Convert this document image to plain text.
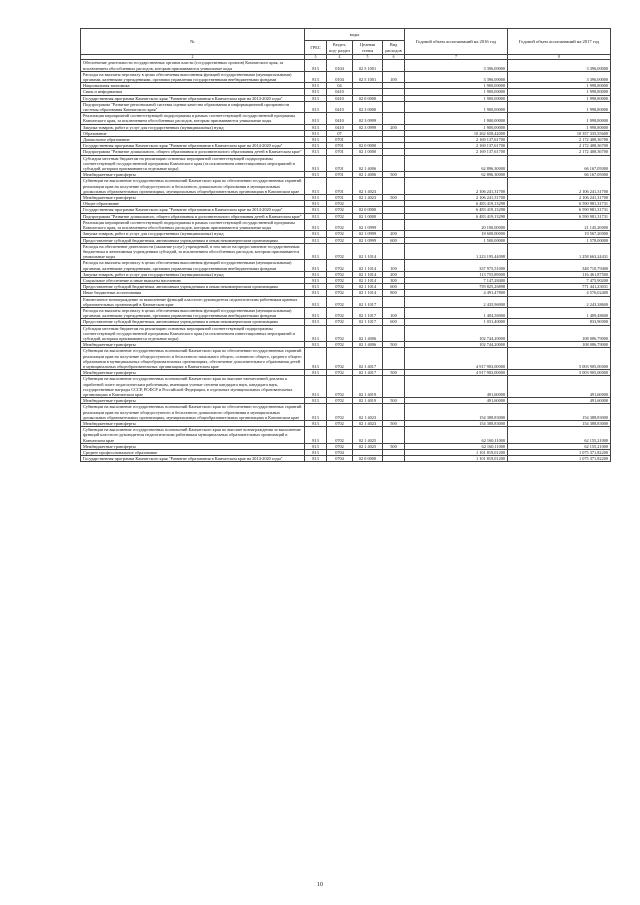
№	коды				Годовой объем ассигнований на 2016 год	Годовой объем ассигнований на 2017 год
	ГРБС	Раздел, под- раздел	Целевая статья	Вид расходов		
2	3	4	5	6	7	8
Обеспечение деятельности государственных органов власти (государственных органов) Камчатского края, за исключением обособленных расходов, которым присваиваются уникальные коды	813	0104	02 5 1001		3 396,00000	3 396,00000
Расходы на выплаты персоналу в целях обеспечения выполнения функций государственными (муниципальными) органами, казенными учреждениями, органами управления государственными внебюджетными фондами	813	0104	02 5 1001	100	3 396,00000	3 396,00000
Национальная экономика	813	04			1 900,00000	1 998,80000
Связь и информатика	813	0410			1 900,00000	1 998,80000
Государственная программа Камчатского края "Развитие образования в Камчатском крае на 2014-2020 годы"	813	0410	02 0 0000		1 900,00000	1 998,80000
Подпрограмма "Развитие региональной системы оценки качества образования и информационной прозрачности системы образования Камчатского края"	813	0410	02 3 0000		1 900,00000	1 998,80000
Реализация мероприятий соответствующей подпрограммы в рамках соответствующей государственной программы Камчатского края, за исключением обособленных расходов, которым присваиваются уникальные коды	813	0410	02 3 0999		1 900,00000	1 998,80000
Закупка товаров, работ и услуг для государственных (муниципальных) нужд	813	0410	02 3 0999	200	1 900,00000	1 998,80000
Образование	813	07			10 262 658,42000	10 357 335,55600
Дошкольное образование	813	0701			2 169 137,61700	2 172 408,36700
Государственная программа Камчатского края "Развитие образования в Камчатском крае на 2014-2020 годы"	813	0701	02 0 0000		2 169 137,61700	2 172 408,36700
Подпрограмма "Развитие дошкольного, общего образования и дополнительного образования детей в Камчатском крае"	813	0701	02 1 0000		2 169 137,61700	2 172 408,36700
Субсидии местным бюджетам на реализацию основных мероприятий соответствующей подпрограммы соответствующей государственной программы Камчатского края (за исключением инвестиционных мероприятий и субсидий, которым присваиваются отдельные коды)	813	0701	02 1 4006		62 896,30000	66 167,05000
Межбюджетные трансферты	813	0701	02 1 4006	500	62 896,30000	66 167,05000
Субвенции на выполнение государственных полномочий Камчатского края по обеспечению государственных гарантий реализации прав на получение общедоступного и бесплатного дошкольного образования в муниципальных дошкольных образовательных организациях, муниципальных общеобразовательных организациях в Камчатском крае	813	0701	02 1 4023		2 106 241,31700	2 106 241,31700
Межбюджетные трансферты	813	0701	02 1 4023	500	2 106 241,31700	2 106 241,31700
Общее образование	813	0702			6 483 419,13298	6 590 981,31731
Государственная программа Камчатского края "Развитие образования в Камчатском крае на 2014-2020 годы"	813	0702	02 0 0000		6 483 419,13298	6 590 981,31731
Подпрограмма "Развитие дошкольного, общего образования и дополнительного образования детей в Камчатском крае"	813	0702	02 1 0000		6 483 419,13298	6 590 981,31731
Реализация мероприятий соответствующей подпрограммы в рамках соответствующей государственной программы Камчатского края, за исключением обособленных расходов, которым присваиваются уникальные коды	813	0702	02 1 0999		20 100,00000	21 145,20000
Закупка товаров, работ и услуг для государственных (муниципальных) нужд	813	0702	02 1 0999	200	18 600,00000	19 567,20000
Предоставление субсидий бюджетным, автономным учреждениям и иным некоммерческим организациям	813	0702	02 1 0999	600	1 500,00000	1 578,00000
Расходы на обеспечение деятельности (оказание услуг) учреждений, в том числе на предоставление государственным бюджетным и автономным учреждениям субсидий, за исключением обособленных расходов, которым присваиваются уникальные коды	813	0702	02 1 1014		1 223 195,44098	1 258 663,24431
Расходы на выплаты персоналу в целях обеспечения выполнения функций государственными (муниципальными) органами, казенными учреждениями, органами управления государственными внебюджетными фондами	813	0702	02 1 1014	100	337 975,51000	348 710,79400
Закупка товаров, работ и услуг для государственных (муниципальных) нужд	813	0702	02 1 1014	200	113 755,89000	116 461,87500
Социальное обеспечение и иные выплаты населению	813	0702	02 1 1014	300	7 147,28400	7 475,90200
Предоставление субсидий бюджетным, автономным учреждениям и иным некоммерческим организациям	813	0702	02 1 1014	600	759 825,26898	771 441,23031
Иные бюджетные ассигнования	813	0702	02 1 1014	800	4 491,47800	4 576,02400
Ежемесячное вознаграждение за выполнение функций классного руководителя педагогическим работникам краевых образовательных организаций в Камчатском крае	813	0702	02 1 1017		2 435,96900	2 243,38600
Расходы на выплаты персоналу в целях обеспечения выполнения функций государственными (муниципальными) органами, казенными учреждениями, органами управления государственными внебюджетными фондами	813	0702	02 1 1017	100	1 404,56900	1 409,48600
Предоставление субсидий бюджетным, автономным учреждениям и иным некоммерческим организациям	813	0702	02 1 1017	600	1 031,40000	833,90000
Субсидии местным бюджетам на реализацию основных мероприятий соответствующей подпрограммы соответствующей государственной программы Камчатского края (за исключением инвестиционных мероприятий и субсидий, которым присваиваются отдельные коды)	813	0702	02 1 4006		102 744,20000	108 086,79000
Межбюджетные трансферты	813	0702	02 1 4006	500	102 744,20000	108 086,79000
Субвенции на выполнение государственных полномочий Камчатского края по обеспечению государственных гарантий реализации прав на получение общедоступного и бесплатного начального общего, основного общего, среднего общего образования в муниципальных общеобразовательных организациях, обеспечение дополнительного образования детей в муниципальных общеобразовательных организациях в Камчатском крае	813	0702	02 1 4017		4 917 903,00000	5 003 905,00000
Межбюджетные трансферты	813	0702	02 1 4017	500	4 917 903,00000	5 003 905,00000
Субвенции на выполнение государственных полномочий Камчатского края по выплате ежемесячной доплаты к заработной плате педагогическим работникам, имеющим ученые степени кандидата наук, кандидата наук, государственные награды СССР, РСФСР и Российской Федерации, в отдельных муниципальных образовательных организациях в Камчатском крае	813	0702	02 1 4019		491,60000	491,60000
Межбюджетные трансферты	813	0702	02 1 4019	500	491,60000	491,60000
Субвенции на выполнение государственных полномочий Камчатского края по обеспечению государственных гарантий реализации прав на получение общедоступного и бесплатного дошкольного образования в муниципальных дошкольных образовательных организациях, муниципальных общеобразовательных организациях в Камчатском крае	813	0702	02 1 4023		154 388,83000	154 388,83000
Межбюджетные трансферты	813	0702	02 1 4023	500	154 388,83000	154 388,83000
Субвенции на выполнение государственных полномочий Камчатского края по выплате вознаграждения за выполнение функций классного руководителя педагогическим работникам муниципальных образовательных организаций в Камчатском крае	813	0702	02 1 4025		62 160,11000	62 155,21000
Межбюджетные трансферты	813	0702	02 1 4025	500	62 160,11000	62 155,21000
Среднее профессиональное образование	813	0704			1 101 819,01200	1 075 371,82200
Государственная программа Камчатского края "Развитие образования в Камчатском крае на 2014-2020 годы"	813	0704	02 0 0000		1 101 819,01200	1 075 371,82200
10
